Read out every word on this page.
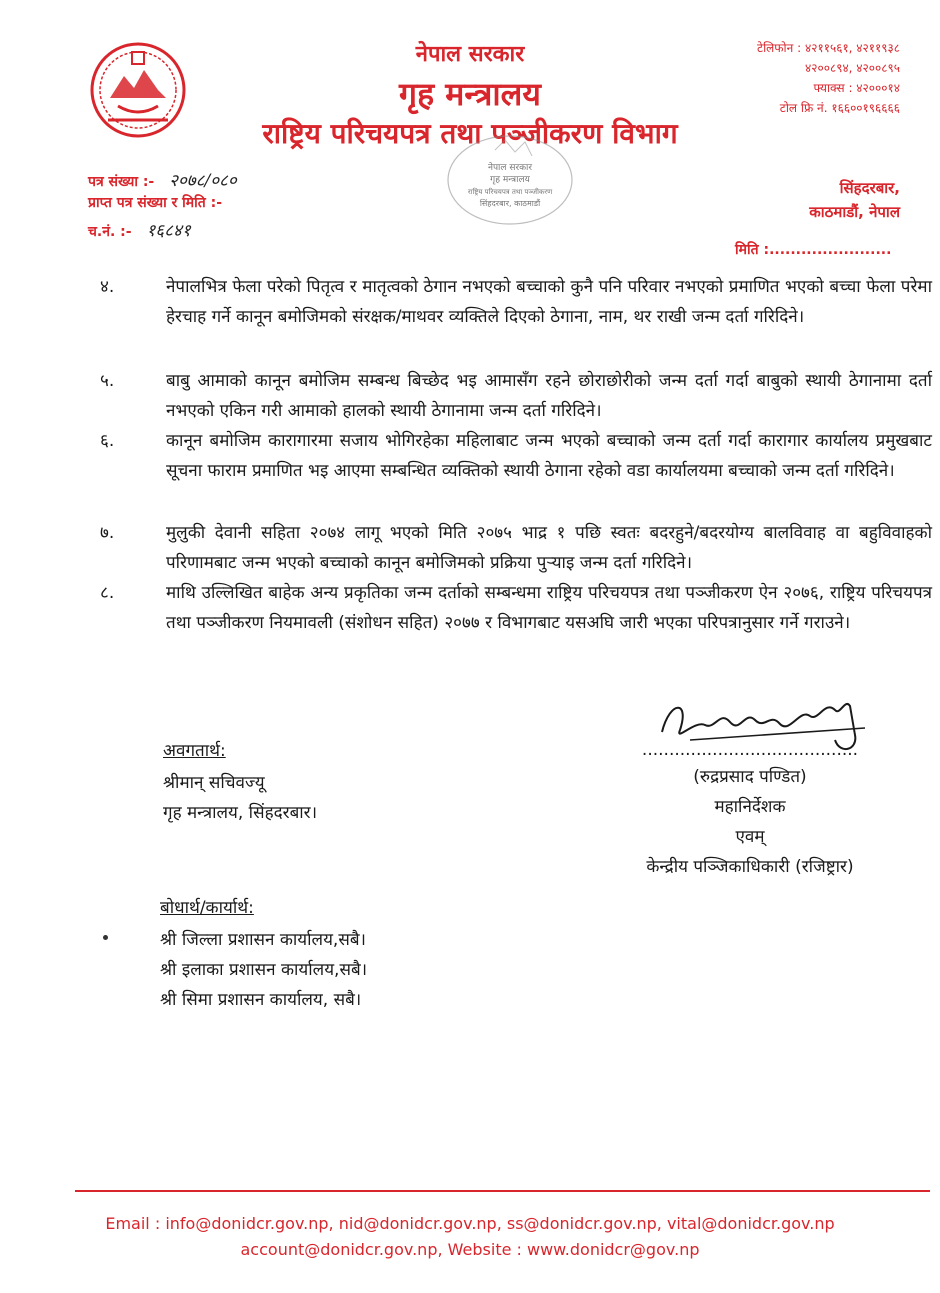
नेपाल सरकार
गृह मन्त्रालय
राष्ट्रिय परिचयपत्र तथा पञ्जीकरण विभाग
टेलिफोन : ४२११५६१, ४२११९३८
४२००८९४, ४२००८९५
फ्याक्स : ४२०००१४
टोल फ्रि नं. १६६००१९६६६६
नेपाल सरकार
गृह मन्त्रालय
राष्ट्रिय परिचयपत्र तथा पञ्जीकरण
सिंहदरबार, काठमाडौं
पत्र संख्या :- २०७८/०८०
प्राप्त पत्र संख्या र मिति :-
च.नं. :- १६८४१
सिंहदरबार,
काठमाडौं, नेपाल
मिति :.......................
४.	नेपालभित्र फेला परेको पितृत्व र मातृत्वको ठेगान नभएको बच्चाको कुनै पनि परिवार नभएको प्रमाणित भएको बच्चा फेला परेमा हेरचाह गर्ने कानून बमोजिमको संरक्षक/माथवर व्यक्तिले दिएको ठेगाना, नाम, थर राखी जन्म दर्ता गरिदिने।
५.	बाबु आमाको कानून बमोजिम सम्बन्ध बिच्छेद भइ आमासँग रहने छोराछोरीको जन्म दर्ता गर्दा बाबुको स्थायी ठेगानामा दर्ता नभएको एकिन गरी आमाको हालको स्थायी ठेगानामा जन्म दर्ता गरिदिने।
६.	कानून बमोजिम कारागारमा सजाय भोगिरहेका महिलाबाट जन्म भएको बच्चाको जन्म दर्ता गर्दा कारागार कार्यालय प्रमुखबाट सूचना फाराम प्रमाणित भइ आएमा सम्बन्धित व्यक्तिको स्थायी ठेगाना रहेको वडा कार्यालयमा बच्चाको जन्म दर्ता गरिदिने।
७.	मुलुकी देवानी सहिता २०७४ लागू भएको मिति २०७५ भाद्र १ पछि स्वतः बदरहुने/बदरयोग्य बालविवाह वा बहुविवाहको परिणामबाट जन्म भएको बच्चाको कानून बमोजिमको प्रक्रिया पुऱ्याइ जन्म दर्ता गरिदिने।
८.	माथि उल्लिखित बाहेक अन्य प्रकृतिका जन्म दर्ताको सम्बन्धमा राष्ट्रिय परिचयपत्र तथा पञ्जीकरण ऐन २०७६, राष्ट्रिय परिचयपत्र तथा पञ्जीकरण नियमावली (संशोधन सहित) २०७७ र विभागबाट यसअघि जारी भएका परिपत्रानुसार गर्ने गराउने।
........................................
(रुद्रप्रसाद पण्डित)
महानिर्देशक
एवम्
केन्द्रीय पञ्जिकाधिकारी (रजिष्ट्रार)
अवगतार्थ:
श्रीमान् सचिवज्यू
गृह मन्त्रालय, सिंहदरबार।
बोधार्थ/कार्यार्थ:
श्री जिल्ला प्रशासन कार्यालय,सबै।
श्री इलाका प्रशासन कार्यालय,सबै।
श्री सिमा प्रशासन कार्यालय, सबै।
Email : info@donidcr.gov.np, nid@donidcr.gov.np, ss@donidcr.gov.np, vital@donidcr.gov.np
account@donidcr.gov.np, Website : www.donidcr@gov.np
